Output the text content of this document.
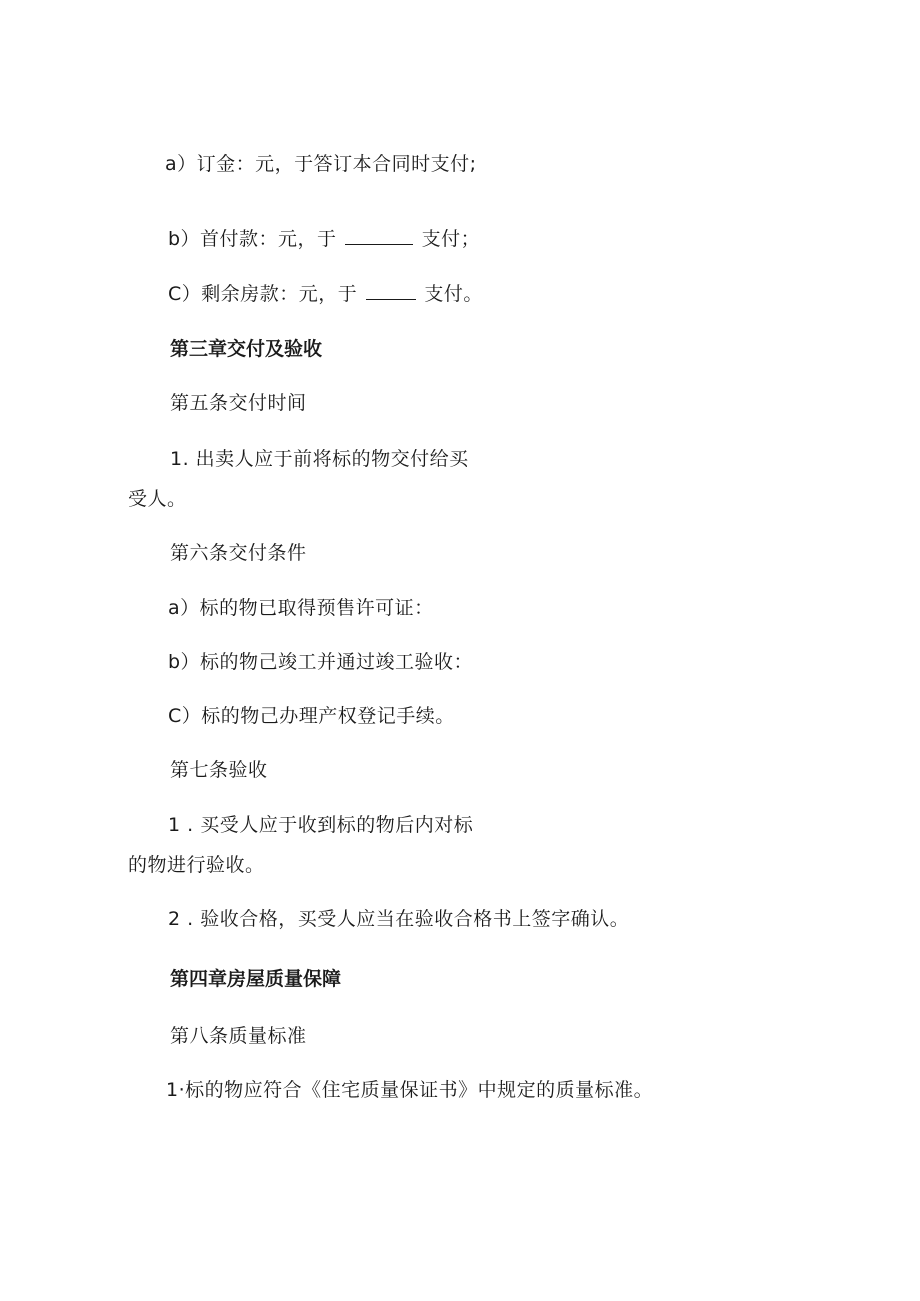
a）订金：元，于答订本合同时支付;
b）首付款：元，于	支付；
C）剩余房款：元，于	支付。
第三章交付及验收
第五条交付时间
1. 出卖人应于前将标的物交付给买
受人。
第六条交付条件
a）标的物已取得预售许可证：
b）标的物己竣工并通过竣工验收：
C）标的物己办理产权登记手续。
第七条验收
1 . 买受人应于收到标的物后内对标
的物进行验收。
2 . 验收合格，买受人应当在验收合格书上签字确认。
第四章房屋质量保障
第八条质量标准
1·标的物应符合《住宅质量保证书》中规定的质量标准。
